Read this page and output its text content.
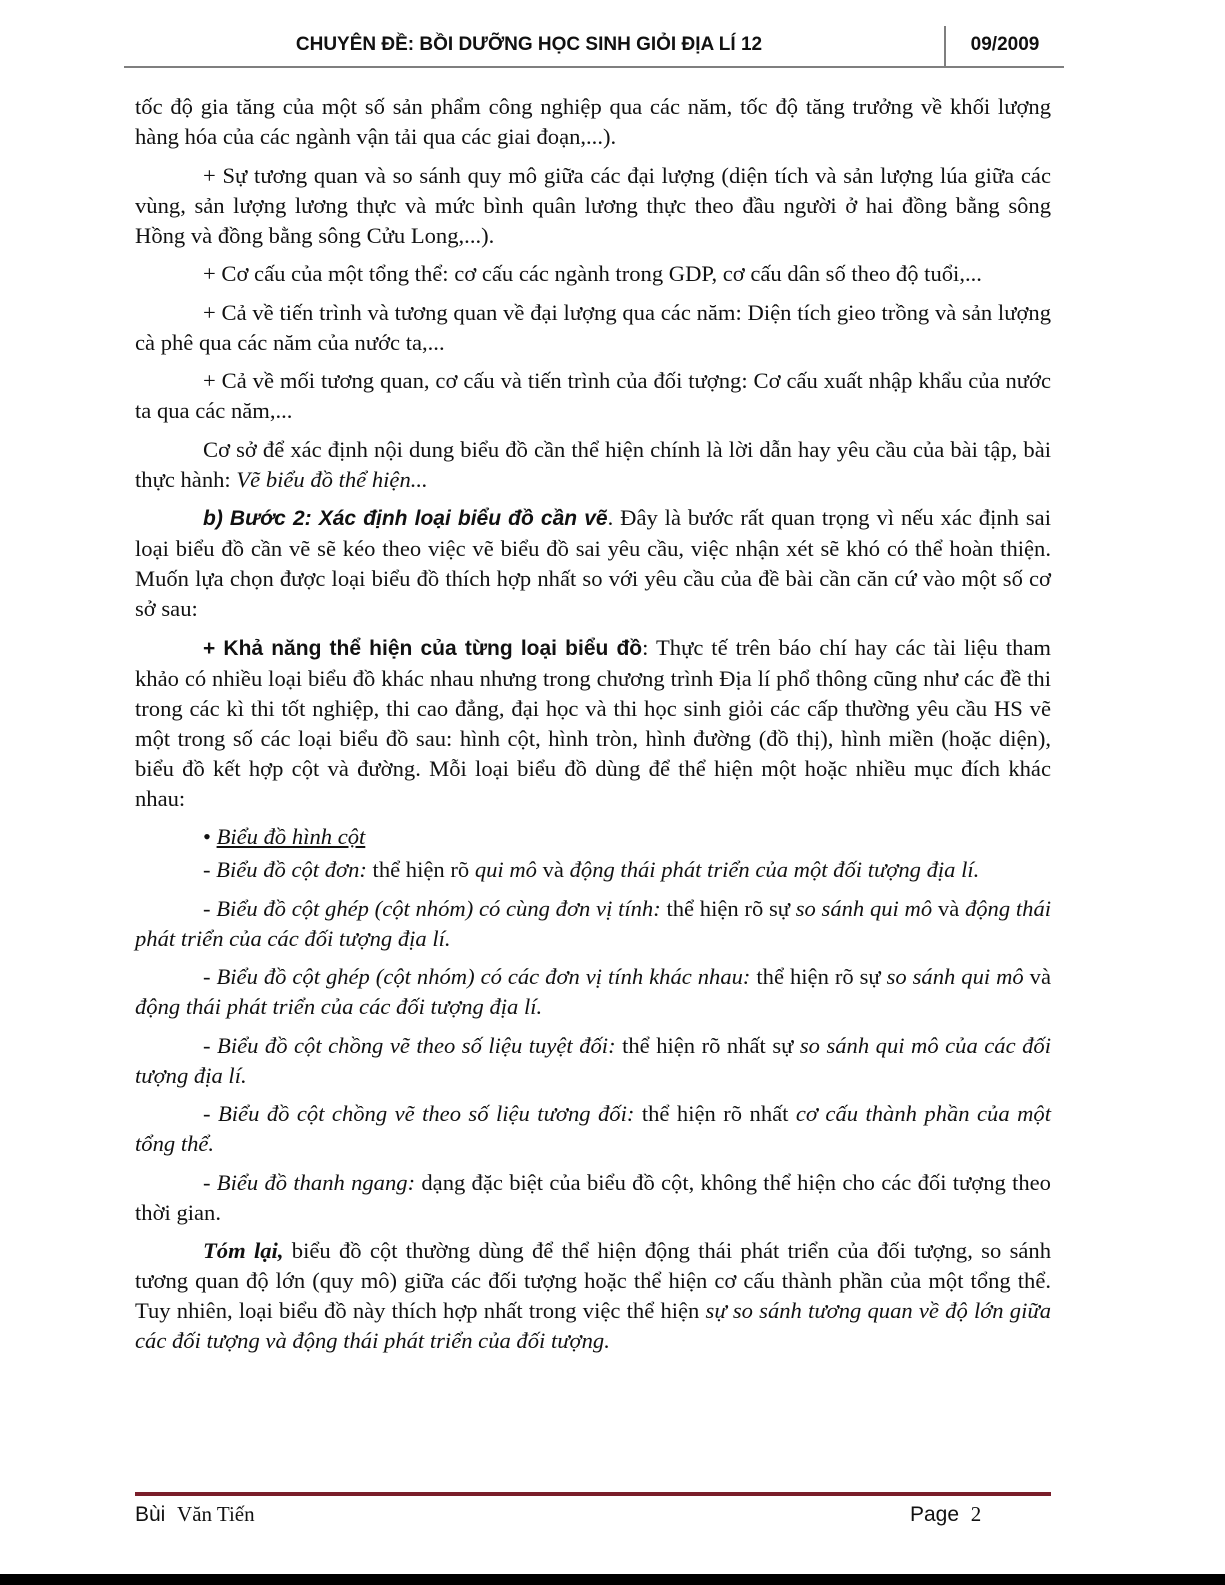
CHUYÊN ĐỀ: BỒI DƯỠNG HỌC SINH GIỎI ĐỊA LÍ 12	09/2009

tốc độ gia tăng của một số sản phẩm công nghiệp qua các năm, tốc độ tăng trưởng về khối lượng hàng hóa của các ngành vận tải qua các giai đoạn,...).

+ Sự tương quan và so sánh quy mô giữa các đại lượng (diện tích và sản lượng lúa giữa các vùng, sản lượng lương thực và mức bình quân lương thực theo đầu người ở hai đồng bằng sông Hồng và đồng bằng sông Cửu Long,...).

+ Cơ cấu của một tổng thể: cơ cấu các ngành trong GDP, cơ cấu dân số theo độ tuổi,...

+ Cả về tiến trình và tương quan về đại lượng qua các năm: Diện tích gieo trồng và sản lượng cà phê qua các năm của nước ta,...

+ Cả về mối tương quan, cơ cấu và tiến trình của đối tượng: Cơ cấu xuất nhập khẩu của nước ta qua các năm,...

Cơ sở để xác định nội dung biểu đồ cần thể hiện chính là lời dẫn hay yêu cầu của bài tập, bài thực hành: Vẽ biểu đồ thể hiện...

b) Bước 2: Xác định loại biểu đồ cần vẽ. Đây là bước rất quan trọng vì nếu xác định sai loại biểu đồ cần vẽ sẽ kéo theo việc vẽ biểu đồ sai yêu cầu, việc nhận xét sẽ khó có thể hoàn thiện. Muốn lựa chọn được loại biểu đồ thích hợp nhất so với yêu cầu của đề bài cần căn cứ vào một số cơ sở sau:

+ Khả năng thể hiện của từng loại biểu đồ: Thực tế trên báo chí hay các tài liệu tham khảo có nhiều loại biểu đồ khác nhau nhưng trong chương trình Địa lí phổ thông cũng như các đề thi trong các kì thi tốt nghiệp, thi cao đẳng, đại học và thi học sinh giỏi các cấp thường yêu cầu HS vẽ một trong số các loại biểu đồ sau: hình cột, hình tròn, hình đường (đồ thị), hình miền (hoặc diện), biểu đồ kết hợp cột và đường. Mỗi loại biểu đồ dùng để thể hiện một hoặc nhiều mục đích khác nhau:

• Biểu đồ hình cột

- Biểu đồ cột đơn: thể hiện rõ qui mô và động thái phát triển của một đối tượng địa lí.

- Biểu đồ cột ghép (cột nhóm) có cùng đơn vị tính: thể hiện rõ sự so sánh qui mô và động thái phát triển của các đối tượng địa lí.

- Biểu đồ cột ghép (cột nhóm) có các đơn vị tính khác nhau: thể hiện rõ sự so sánh qui mô và động thái phát triển của các đối tượng địa lí.

- Biểu đồ cột chồng vẽ theo số liệu tuyệt đối: thể hiện rõ nhất sự so sánh qui mô của các đối tượng địa lí.

- Biểu đồ cột chồng vẽ theo số liệu tương đối: thể hiện rõ nhất cơ cấu thành phần của một tổng thể.

- Biểu đồ thanh ngang: dạng đặc biệt của biểu đồ cột, không thể hiện cho các đối tượng theo thời gian.

Tóm lại, biểu đồ cột thường dùng để thể hiện động thái phát triển của đối tượng, so sánh tương quan độ lớn (quy mô) giữa các đối tượng hoặc thể hiện cơ cấu thành phần của một tổng thể. Tuy nhiên, loại biểu đồ này thích hợp nhất trong việc thể hiện sự so sánh tương quan về độ lớn giữa các đối tượng và động thái phát triển của đối tượng.

Bùi Văn Tiến	Page 2
